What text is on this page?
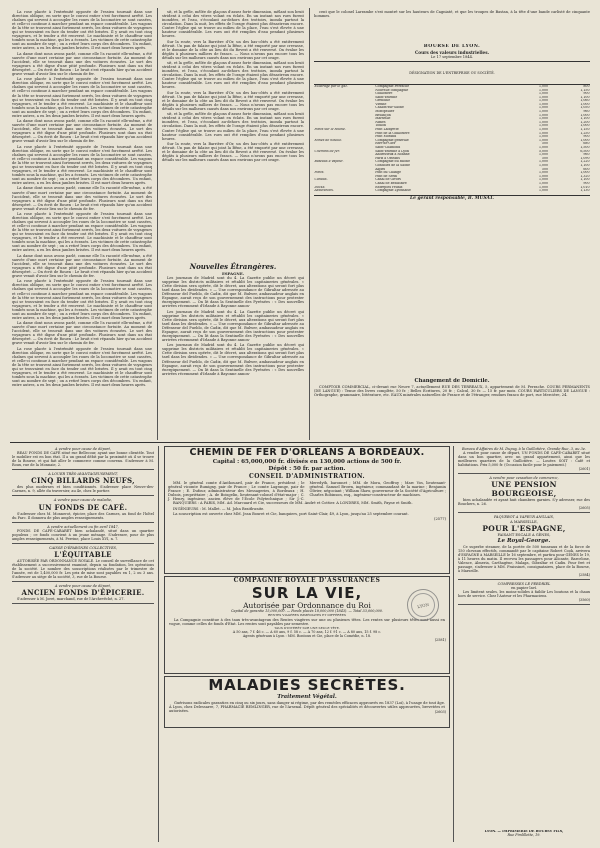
La rose placée à l'extrémité opposée de l'essieu tournait dans une direction oblique, en sorte que le convoi entier s'est forcément arrêté. Les chaînes qui servent à accoupler les roues de la locomotive se sont cassées, et celle-ci continue à marcher pendant un espace considérable. Les wagons de la tête se trouvent ainsi fortement serrés, les deux voitures de voyageurs qui se trouvaient en face du tender ont été brisées. Il y avait en tout cinq voyageurs, et le tender a été renversé. Le machiniste et le chauffeur sont tombés sous la machine, qui les a écrasés. Les victimes de cette catastrophe sont au nombre de sept ; on a retiré leurs corps des décombres. Un enfant, entre autres, a eu les deux jambes brisées. Il est mort deux heures après.

La dame dont nous avons parlé, comme elle l'a raconté elle-même, a été sauvée d'une mort certaine par une circonstance fortuite. Au moment de l'accident, elle se trouvait dans une des voitures écrasées. Le sort des voyageurs a été digne d'une pitié profonde. Plusieurs sont dans un état désespéré. — On écrit de Rouen : Le bruit s'est répandu hier qu'un accident grave venait d'avoir lieu sur le chemin de fer.

La rose placée à l'extrémité opposée de l'essieu tournait dans une direction oblique, en sorte que le convoi entier s'est forcément arrêté. Les chaînes qui servent à accoupler les roues de la locomotive se sont cassées, et celle-ci continue à marcher pendant un espace considérable. Les wagons de la tête se trouvent ainsi fortement serrés, les deux voitures de voyageurs qui se trouvaient en face du tender ont été brisées. Il y avait en tout cinq voyageurs, et le tender a été renversé. Le machiniste et le chauffeur sont tombés sous la machine, qui les a écrasés. Les victimes de cette catastrophe sont au nombre de sept ; on a retiré leurs corps des décombres. Un enfant, entre autres, a eu les deux jambes brisées. Il est mort deux heures après.

La dame dont nous avons parlé, comme elle l'a raconté elle-même, a été sauvée d'une mort certaine par une circonstance fortuite. Au moment de l'accident, elle se trouvait dans une des voitures écrasées. Le sort des voyageurs a été digne d'une pitié profonde. Plusieurs sont dans un état désespéré. — On écrit de Rouen : Le bruit s'est répandu hier qu'un accident grave venait d'avoir lieu sur le chemin de fer.

La rose placée à l'extrémité opposée de l'essieu tournait dans une direction oblique, en sorte que le convoi entier s'est forcément arrêté. Les chaînes qui servent à accoupler les roues de la locomotive se sont cassées, et celle-ci continue à marcher pendant un espace considérable. Les wagons de la tête se trouvent ainsi fortement serrés, les deux voitures de voyageurs qui se trouvaient en face du tender ont été brisées. Il y avait en tout cinq voyageurs, et le tender a été renversé. Le machiniste et le chauffeur sont tombés sous la machine, qui les a écrasés. Les victimes de cette catastrophe sont au nombre de sept ; on a retiré leurs corps des décombres. Un enfant, entre autres, a eu les deux jambes brisées. Il est mort deux heures après.

La dame dont nous avons parlé, comme elle l'a raconté elle-même, a été sauvée d'une mort certaine par une circonstance fortuite. Au moment de l'accident, elle se trouvait dans une des voitures écrasées. Le sort des voyageurs a été digne d'une pitié profonde. Plusieurs sont dans un état désespéré. — On écrit de Rouen : Le bruit s'est répandu hier qu'un accident grave venait d'avoir lieu sur le chemin de fer.

La rose placée à l'extrémité opposée de l'essieu tournait dans une direction oblique, en sorte que le convoi entier s'est forcément arrêté. Les chaînes qui servent à accoupler les roues de la locomotive se sont cassées, et celle-ci continue à marcher pendant un espace considérable. Les wagons de la tête se trouvent ainsi fortement serrés, les deux voitures de voyageurs qui se trouvaient en face du tender ont été brisées. Il y avait en tout cinq voyageurs, et le tender a été renversé. Le machiniste et le chauffeur sont tombés sous la machine, qui les a écrasés. Les victimes de cette catastrophe sont au nombre de sept ; on a retiré leurs corps des décombres. Un enfant, entre autres, a eu les deux jambes brisées. Il est mort deux heures après.

La dame dont nous avons parlé, comme elle l'a raconté elle-même, a été sauvée d'une mort certaine par une circonstance fortuite. Au moment de l'accident, elle se trouvait dans une des voitures écrasées. Le sort des voyageurs a été digne d'une pitié profonde. Plusieurs sont dans un état désespéré. — On écrit de Rouen : Le bruit s'est répandu hier qu'un accident grave venait d'avoir lieu sur le chemin de fer.

La rose placée à l'extrémité opposée de l'essieu tournait dans une direction oblique, en sorte que le convoi entier s'est forcément arrêté. Les chaînes qui servent à accoupler les roues de la locomotive se sont cassées, et celle-ci continue à marcher pendant un espace considérable. Les wagons de la tête se trouvent ainsi fortement serrés, les deux voitures de voyageurs qui se trouvaient en face du tender ont été brisées. Il y avait en tout cinq voyageurs, et le tender a été renversé. Le machiniste et le chauffeur sont tombés sous la machine, qui les a écrasés. Les victimes de cette catastrophe sont au nombre de sept ; on a retiré leurs corps des décombres. Un enfant, entre autres, a eu les deux jambes brisées. Il est mort deux heures après.

La dame dont nous avons parlé, comme elle l'a raconté elle-même, a été sauvée d'une mort certaine par une circonstance fortuite. Au moment de l'accident, elle se trouvait dans une des voitures écrasées. Le sort des voyageurs a été digne d'une pitié profonde. Plusieurs sont dans un état désespéré. — On écrit de Rouen : Le bruit s'est répandu hier qu'un accident grave venait d'avoir lieu sur le chemin de fer.

La rose placée à l'extrémité opposée de l'essieu tournait dans une direction oblique, en sorte que le convoi entier s'est forcément arrêté. Les chaînes qui servent à accoupler les roues de la locomotive se sont cassées, et celle-ci continue à marcher pendant un espace considérable. Les wagons de la tête se trouvent ainsi fortement serrés, les deux voitures de voyageurs qui se trouvaient en face du tender ont été brisées. Il y avait en tout cinq voyageurs, et le tender a été renversé. Le machiniste et le chauffeur sont tombés sous la machine, qui les a écrasés. Les victimes de cette catastrophe sont au nombre de sept ; on a retiré leurs corps des décombres. Un enfant, entre autres, a eu les deux jambes brisées. Il est mort deux heures après.

sit, et la grêle, mêlée de glaçons d'assez forte dimension, mêlant son bruit strident à celui des vitres volant en éclats. En un instant nos rues furent inondées, et l'eau, s'écoulant au-dehors des trottoirs, inonda partout la circulation. Dans la nuit, les effets de l'orage étaient plus désastreux encore. Contre l'église qui se trouve au milieu de la place, l'eau s'est élevée à une hauteur considérable. Les rues ont été remplies d'eau pendant plusieurs heures.

Sur la route, vers la Barrière d'Or, un des bas-côtés a été entièrement détruit. Un pan de falaise qui joint la Bêne, a été emporté par une crevasse, et le domaine de la côte au lieu dit du Revest a été renversé. On évalue les dégâts à plusieurs milliers de francs. — Nous n'avons pas encore tous les détails sur les malheurs causés dans nos environs par cet orage.

sit, et la grêle, mêlée de glaçons d'assez forte dimension, mêlant son bruit strident à celui des vitres volant en éclats. En un instant nos rues furent inondées, et l'eau, s'écoulant au-dehors des trottoirs, inonda partout la circulation. Dans la nuit, les effets de l'orage étaient plus désastreux encore. Contre l'église qui se trouve au milieu de la place, l'eau s'est élevée à une hauteur considérable. Les rues ont été remplies d'eau pendant plusieurs heures.

Sur la route, vers la Barrière d'Or, un des bas-côtés a été entièrement détruit. Un pan de falaise qui joint la Bêne, a été emporté par une crevasse, et le domaine de la côte au lieu dit du Revest a été renversé. On évalue les dégâts à plusieurs milliers de francs. — Nous n'avons pas encore tous les détails sur les malheurs causés dans nos environs par cet orage.

sit, et la grêle, mêlée de glaçons d'assez forte dimension, mêlant son bruit strident à celui des vitres volant en éclats. En un instant nos rues furent inondées, et l'eau, s'écoulant au-dehors des trottoirs, inonda partout la circulation. Dans la nuit, les effets de l'orage étaient plus désastreux encore. Contre l'église qui se trouve au milieu de la place, l'eau s'est élevée à une hauteur considérable. Les rues ont été remplies d'eau pendant plusieurs heures.

Sur la route, vers la Barrière d'Or, un des bas-côtés a été entièrement détruit. Un pan de falaise qui joint la Bêne, a été emporté par une crevasse, et le domaine de la côte au lieu dit du Revest a été renversé. On évalue les dégâts à plusieurs milliers de francs. — Nous n'avons pas encore tous les détails sur les malheurs causés dans nos environs par cet orage.

Nouvelles Étrangères.

ESPAGNE.

Les journaux de Madrid sont du 4. La Gazette publie un décret qui supprime les districts militaires et rétablit les capitaineries générales. « Cette division sera opérée, dit le décret, aux alterations qui seront fort plus tard dans les dividendes. » — Une correspondance de Gibraltar adressée au Défenseur del Pueblo, de Cadix, dit que M. Bulwer, ambassadeur anglais en Espagne, aurait reçu de son gouvernement des instructions pour protester énergiquement. — On lit dans la Sentinelle des Pyrénées : « Des nouvelles arrivées récemment d'Irlande à Bayonne annon-

Les journaux de Madrid sont du 4. La Gazette publie un décret qui supprime les districts militaires et rétablit les capitaineries générales. « Cette division sera opérée, dit le décret, aux alterations qui seront fort plus tard dans les dividendes. » — Une correspondance de Gibraltar adressée au Défenseur del Pueblo, de Cadix, dit que M. Bulwer, ambassadeur anglais en Espagne, aurait reçu de son gouvernement des instructions pour protester énergiquement. — On lit dans la Sentinelle des Pyrénées : « Des nouvelles arrivées récemment d'Irlande à Bayonne annon-

Les journaux de Madrid sont du 4. La Gazette publie un décret qui supprime les districts militaires et rétablit les capitaineries générales. « Cette division sera opérée, dit le décret, aux alterations qui seront fort plus tard dans les dividendes. » — Une correspondance de Gibraltar adressée au Défenseur del Pueblo, de Cadix, dit que M. Bulwer, ambassadeur anglais en Espagne, aurait reçu de son gouvernement des instructions pour protester énergiquement. — On lit dans la Sentinelle des Pyrénées : « Des nouvelles arrivées récemment d'Irlande à Bayonne annon-

cent que le colonel Larrambe s'est montré sur les hauteurs de Cagniaté, et que les troupes de Bastan, à la tête d'une bande carlisté de cinquante hommes.

BOURSE DE LYON.

Cours des valeurs industrielles.

Le 17 septembre 1844.

DÉSIGNATION DE L'ENTREPRISE OU SOCIÉTÉ.
Éclairage par le gaz.	Compagnie Perrache	1,000	800
	Nouvelle compagnie	1,000	1,150
	Guillotière	1,000	900
	Saint-Étienne	1,000	1,100
	Grenoble	1,000	1,060
	Vienne	1,000	1,000
	Chalon-sur-Saône	1,000	1,050
	Montpellier	1,000	960
	Besançon	1,000	1,000
	Marseille	1,000	1,100
	Nîmes	1,000	1,200
	Toulon	1,000	1,000
Ponts sur le Rhône.	Pont Lafayette	1,000	1,150
	Pont de la Guillotière	1,000	1,250
	Pont Morand	1,000	900
Mines de houille.	Compagnie générale	1,000	1,000
	Rive-de-Gier	500	680
	Saint-Chamond	1,000	1,500
Chemins de fer.	Saint-Étienne à Lyon	5,000	6,500
	Andrézieux à Roanne	1,000	960
	Paris à Orléans	500	1,090
Bateaux à vapeur.	Compagnie du Rhône	1,000	1,220
	Gondoles de la Saône	1,000	1,100
	Aigles	500	600
Ponts.	Pont du Change	1,000	1,000
	Pont de Serin	1,000	1,320
Canaux.	Canal de Givors	1,000	1,100
	Canal de Beaucaire	1,000	900
Docks.	Entrepôts réunis	1,000	1,010
Assurances.	Compagnie Lyonnaise	1,000	1,130

Le gérant responsable, B. MUSAT.

Changement de Domicile.

COMPTOIR COMMERCIAL, ci-devant rue Neuve 7, actuellement RUE DES TERREAUX, 5, appartement de M. Perrache. COURS PERMANENTS (DE LANGUE) : Tenue des livres complète, 50 fr. ; Belles Écritures, 20 fr. ; Calcul, 30 fr. — 15 fr. par mois. COURS PARTICULIERS DE LANGUE : Orthographe, grammaire, littérature, etc. EAUX minérales naturelles de France et de l'étranger, rendues franco de port, rue Mercière, 24.

A vendre pour cause de départ,

BEAU FONDS DE CAFÉ situé rue Bellecour, ayant une bonne clientèle. Tout le mobilier est en bon état. Il a un grand débit par la proximité où il se trouve de la Bourse, et qui fait aller le commerce comme convenu. S'adresser à M. Roux, rue de la Monnaie, 2.

A LOUER TRÈS-AVANTAGEUSEMENT,

CINQ BILLARDS NEUFS,

des plus modernes et bien conditionnés. S'adresser place Neuve-des-Carmes, n. 9, allée du traversier, au 4e, chez le portier.

A vendre pour cause de maladie,

UN FONDS DE CAFÉ.

S'adresser chez M. Monnerot, épicier, place des Carmes, au fond de l'hôtel du Parc. Il donnera de plus amples renseignements.

A vendre actuellement ou fin avril 1847,

FONDS DE CAFÉ-CABARET bien achalandé, situé dans un quartier populeux ; ce fonds convient à un jeune ménage. S'adresser, pour de plus amples renseignements, à M. Perrine, place Louis XVI, n. 7.

CAISSE D'ÉPARGNES COLLECTIVES,

L'ÉQUITABLE

AUTORISÉE PAR ORDONNANCE ROYALE. Le conseil de surveillance de cet établissement a successivement examiné, depuis sa fondation, les opérations de la société. Le nombre des souscriptions réalisées par le trimestre de l'année, est de 1,400,000 fr. Les prix de mise sont payables en 1, 2 ou 3 ans. S'adresser au siège de la société, 3, rue de la Bourse.

A vendre pour cause de départ,

ANCIEN FONDS D'ÉPICERIE.

S'adresser à M. Joret, marchand, rue de l'Archevêché, n. 27.

CHEMIN DE FER D'ORLÉANS A BORDEAUX.

Capital : 65,000,000 fr. divisés en 130,000 actions de 500 fr.

Dépôt : 50 fr. par action.

CONSEIL D'ADMINISTRATION.

MM. le général comte d'Anthouard, pair de France, président ; le général vicomte Rumigny, pair de France ; Le comte Lagrange, pair de France ; E. Dufour, administrateur des Messageries, à Bordeaux ; H. Dubois, propriétaire ; A. de Boisgelin, lieutenant-colonel d'état-major ; C. J. Henry, ingénieur, ancien élève de l'École Polytechnique ; Sir J.-C. Meredyth, baronnet ; MM. de Mora, Geoffroy ; Marc Vos, lieutenant-général. Samuel Brown, ingénieur, commandant de la marine ; Benjamin Olivier, négociant ; William Shaw, gouverneur de la Société d'Agriculture ; Charles Robinson, esq., ingénieur-constructeur de machines.

BANQUIERS : A PARIS, MM. Ad. Marcuard et Cie, successeurs de MM. André et Cottier. A LONDRES, MM. Smith, Payne et Smith.

INGÉNIEURS : M. Mallet. — M. John Braithwaite.

La souscription est ouverte chez MM. Jean Bouret et Cie, banquiers, port Saint-Clair, 49, à Lyon, jusqu'au 25 septembre courant.

(2577)

COMPAGNIE ROYALE D'ASSURANCES

SUR LA VIE,

Autorisée par Ordonnance du Roi

Capital de garantie 15,000,000. — Fonds placés 18,000,000 (1843). — Total 33,000,000.

RENTES VIAGÈRES IMMÉDIATES ET DIFFÉRÉES

La Compagnie constitue à des taux très-avantageux des Rentes viagères sur une ou plusieurs têtes. Les rentes sur plusieurs têtes sont aussi en vogue, comme celles de fonds d'Etat. Les rentes sont payables par semestre.

TAUX D'INTÉRÊT SUR UNE SEULE TÊTE.

A 50 ans, 7 f. 46 c. — A 60 ans, 9 f. 58 c. — A 70 ans, 12 f. 91 c. — A 80 ans, 15 f. 98 c.

Agents généraux à Lyon : MM. Bontoux et Cie, place de la Comédie, n. 18.

(2581)

LYON

MALADIES SECRÈTES.

Traitement Végétal.

Guérisons radicales garanties en cinq ou six jours, sans danger ni régime, par des remèdes efficaces approuvés en 1837 (Loi), à l'usage de tout âge. À Lyon, chez Delessarre, 7, PHARMACIE REMLINGER, rue de l'Arsenal. Dépôt général des spécialités et découvertes utiles approuvées, brevetées et autorisées.	(2603)

Bureau d'Affaires de M. Dupuy, à la Guillotière, Grande-Rue, 3, au 3e.

A vendre pour cause de départ, UN FONDS DE CAFÉ-CABARET situé dans un bon quartier, avec un grand appartement, ainsi que les meilleures quartiers de la Guillotière. — Louées SOIT : Café et habitations. Prix 5,000 fr. (Occasion facile pour le paiement.)

(2601)

A vendre pour cessation de commerce,

UNE PENSION BOURGEOISE,

bien achalandée et ayant huit chambres garnies. S'y adresser, rue des Bouchers, n. 26.

(2605)

PAQUEBOT A VAPEUR ANGLAIS,

A MARSEILLE,

POUR L'ESPAGNE,

FAISANT ESCALE A GÈNES,

Le Royal-George.

Ce superbe steamer, de la portée de 500 tonneaux et de la force de 150 chevaux effectifs, commandé par le capitaine Robert Cook, arrivera d'ESPAGNE à MARSEILLE le 16 septembre, et partira pour GÈNES le 19, à 11 heures du matin. Il recevra les passagers pour Alicante, Barcelone, Valence, Almeria, Carthagène, Malaga, Gibraltar et Cadix. Pour fret et passage, s'adresser à MM. Fraissinet, consignataires, place de la Bourse, à Marseille.

(2584)

COMPRESSES LE PERDRIEL

en papier laví.

Les limitent seules, les moins-solides à faiblir Les boutons et la chaux hors de service. Chez l'Auteur et les Pharmaciens.

(3560)

LYON. — IMPRIMERIE DE BOURSY FILS,

Rue Pimlillette, 19.
